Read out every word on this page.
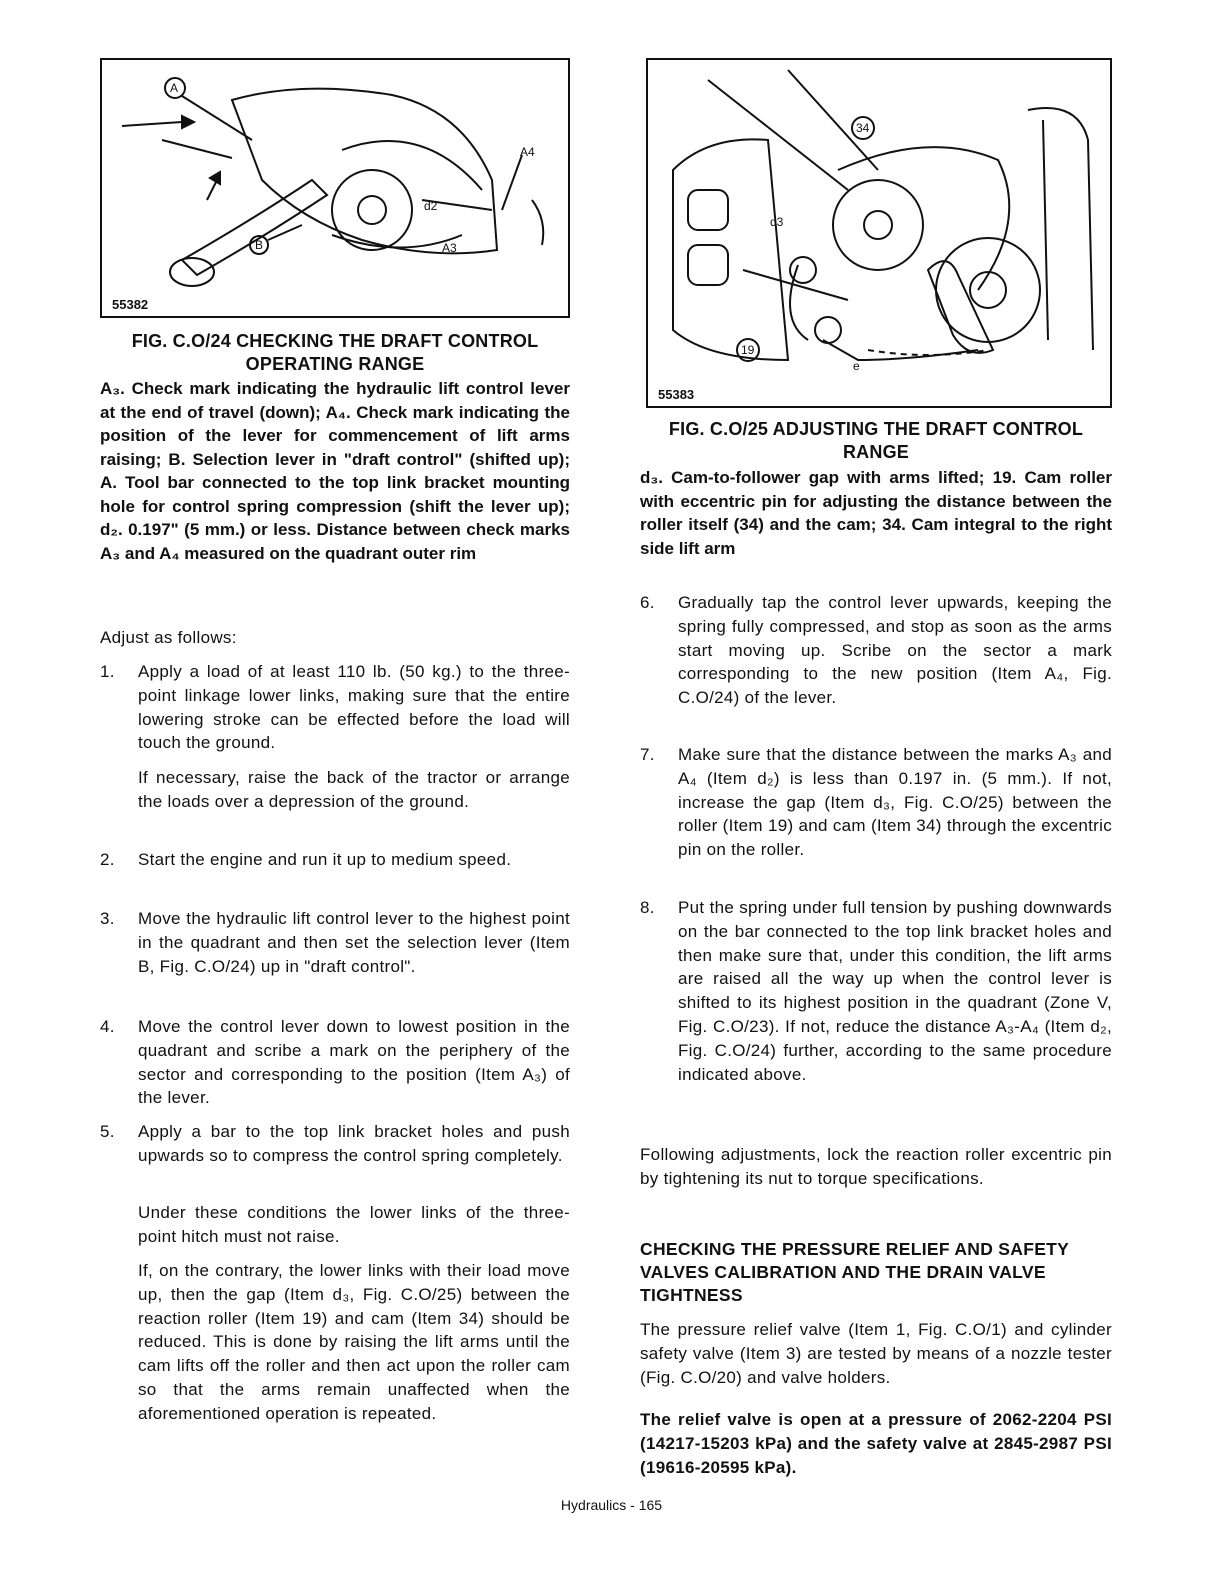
A
B	A3
A4
d2
55382
FIG. C.O/24 CHECKING THE DRAFT CONTROL OPERATING RANGE
A₃. Check mark indicating the hydraulic lift control lever at the end of travel (down); A₄. Check mark indicating the position of the lever for commencement of lift arms raising; B. Selection lever in "draft control" (shifted up); A. Tool bar connected to the top link bracket mounting hole for control spring compression (shift the lever up); d₂. 0.197" (5 mm.) or less. Distance between check marks A₃ and A₄ measured on the quadrant outer rim
Adjust as follows:
1. Apply a load of at least 110 lb. (50 kg.) to the three-point linkage lower links, making sure that the entire lowering stroke can be effected before the load will touch the ground.
If necessary, raise the back of the tractor or arrange the loads over a depression of the ground.
2. Start the engine and run it up to medium speed.
3. Move the hydraulic lift control lever to the highest point in the quadrant and then set the selection lever (Item B, Fig. C.O/24) up in "draft control".
4. Move the control lever down to lowest position in the quadrant and scribe a mark on the periphery of the sector and corresponding to the position (Item A₃) of the lever.
5. Apply a bar to the top link bracket holes and push upwards so to compress the control spring completely.
Under these conditions the lower links of the three-point hitch must not raise.
If, on the contrary, the lower links with their load move up, then the gap (Item d₃, Fig. C.O/25) between the reaction roller (Item 19) and cam (Item 34) should be reduced. This is done by raising the lift arms until the cam lifts off the roller and then act upon the roller cam so that the arms remain unaffected when the aforementioned operation is repeated.
34
19
d3
e
55383
FIG. C.O/25 ADJUSTING THE DRAFT CONTROL RANGE
d₃. Cam-to-follower gap with arms lifted; 19. Cam roller with eccentric pin for adjusting the distance between the roller itself (34) and the cam; 34. Cam integral to the right side lift arm
6. Gradually tap the control lever upwards, keeping the spring fully compressed, and stop as soon as the arms start moving up. Scribe on the sector a mark corresponding to the new position (Item A₄, Fig. C.O/24) of the lever.
7. Make sure that the distance between the marks A₃ and A₄ (Item d₂) is less than 0.197 in. (5 mm.). If not, increase the gap (Item d₃, Fig. C.O/25) between the roller (Item 19) and cam (Item 34) through the excentric pin on the roller.
8. Put the spring under full tension by pushing downwards on the bar connected to the top link bracket holes and then make sure that, under this condition, the lift arms are raised all the way up when the control lever is shifted to its highest position in the quadrant (Zone V, Fig. C.O/23). If not, reduce the distance A₃-A₄ (Item d₂, Fig. C.O/24) further, according to the same procedure indicated above.
Following adjustments, lock the reaction roller excentric pin by tightening its nut to torque specifications.
CHECKING THE PRESSURE RELIEF AND SAFETY VALVES CALIBRATION AND THE DRAIN VALVE TIGHTNESS
The pressure relief valve (Item 1, Fig. C.O/1) and cylinder safety valve (Item 3) are tested by means of a nozzle tester (Fig. C.O/20) and valve holders.
The relief valve is open at a pressure of 2062-2204 PSI (14217-15203 kPa) and the safety valve at 2845-2987 PSI (19616-20595 kPa).
Hydraulics - 165
